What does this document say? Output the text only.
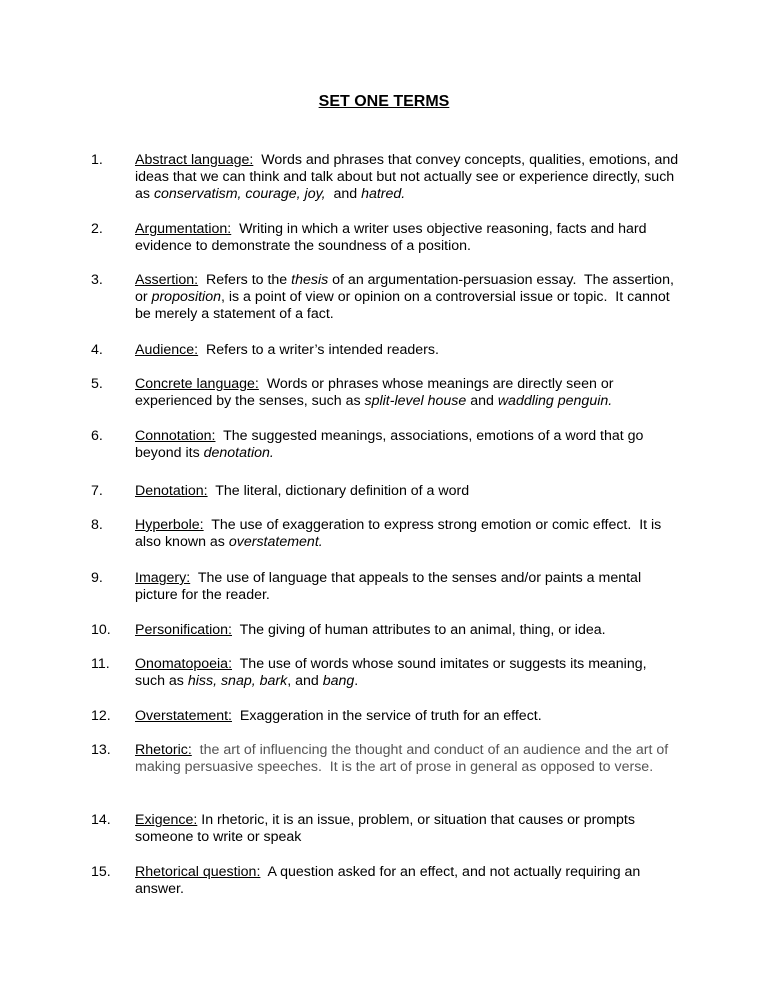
SET ONE TERMS
1. Abstract language:  Words and phrases that convey concepts, qualities, emotions, and ideas that we can think and talk about but not actually see or experience directly, such as conservatism, courage, joy,  and hatred.
2. Argumentation:  Writing in which a writer uses objective reasoning, facts and hard evidence to demonstrate the soundness of a position.
3. Assertion:  Refers to the thesis of an argumentation-persuasion essay.  The assertion, or proposition, is a point of view or opinion on a controversial issue or topic.  It cannot be merely a statement of a fact.
4. Audience:  Refers to a writer’s intended readers.
5. Concrete language:  Words or phrases whose meanings are directly seen or experienced by the senses, such as split-level house and waddling penguin.
6. Connotation:  The suggested meanings, associations, emotions of a word that go beyond its denotation.
7. Denotation:  The literal, dictionary definition of a word
8. Hyperbole:  The use of exaggeration to express strong emotion or comic effect.  It is also known as overstatement.
9. Imagery:  The use of language that appeals to the senses and/or paints a mental picture for the reader.
10. Personification:  The giving of human attributes to an animal, thing, or idea.
11. Onomatopoeia:  The use of words whose sound imitates or suggests its meaning, such as hiss, snap, bark, and bang.
12. Overstatement:  Exaggeration in the service of truth for an effect.
13. Rhetoric:  the art of influencing the thought and conduct of an audience and the art of making persuasive speeches.  It is the art of prose in general as opposed to verse.
14. Exigence: In rhetoric, it is an issue, problem, or situation that causes or prompts someone to write or speak
15. Rhetorical question:  A question asked for an effect, and not actually requiring an answer.
